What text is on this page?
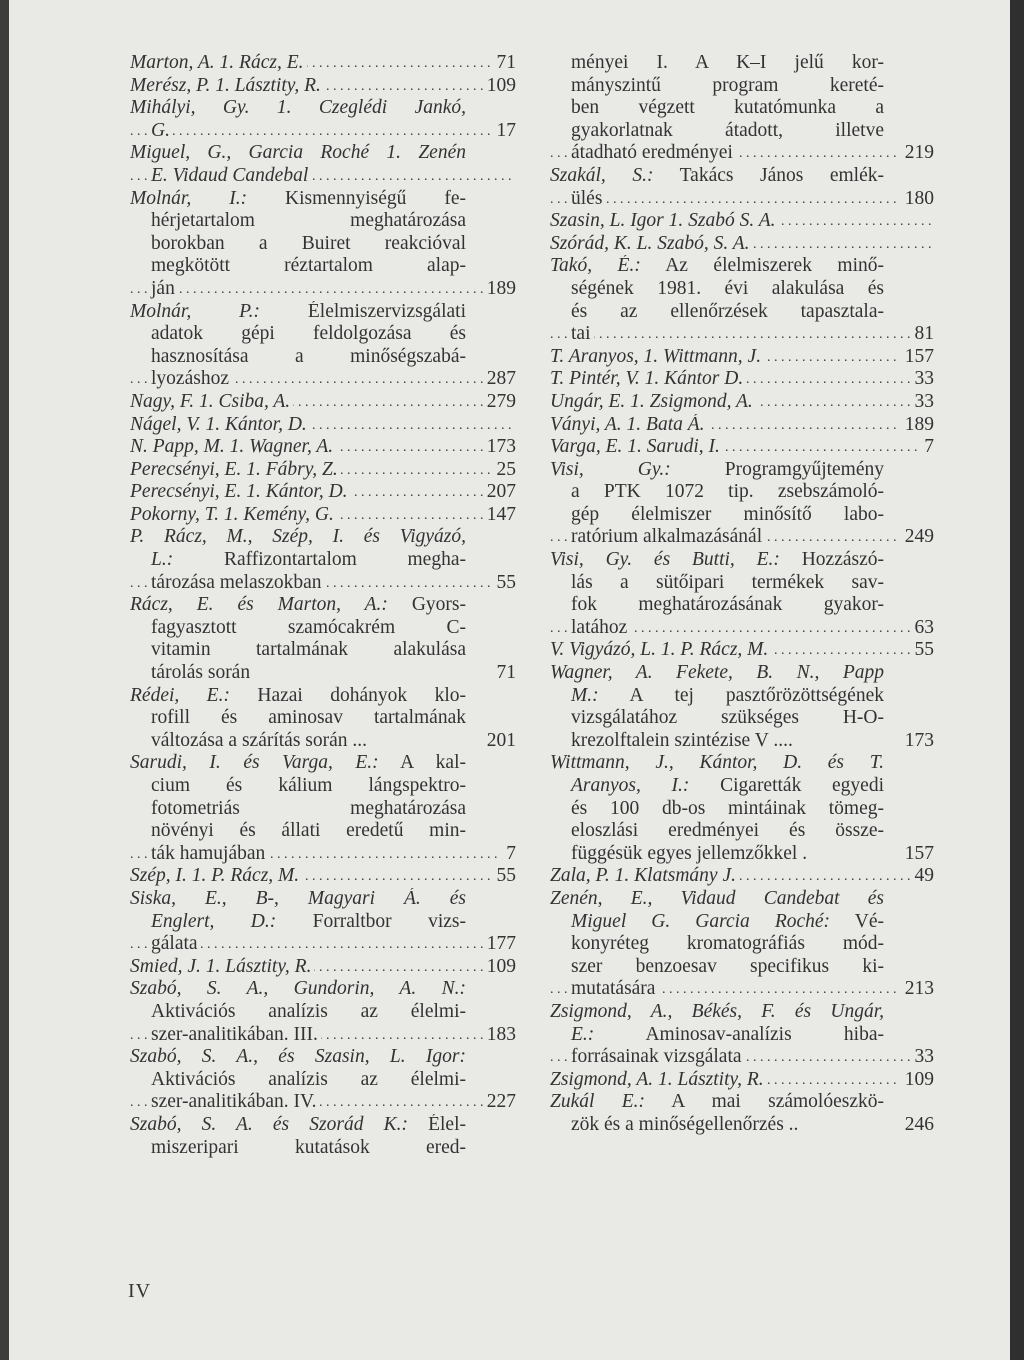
Marton, A. 1. Rácz, E.	71
. . .
Merész, P. 1. Lásztity, R.	109
. . .
Mihályi, Gy. 1. Czeglédi Jankó,
G.	17
. . .
Miguel, G., Garcia Roché 1. Zenén
E. Vidaud Candebal . . .
Molnár, I.: Kismennyiségű fe-
hérjetartalom meghatározása
borokban a Buiret reakcióval
megkötött réztartalom alap-
ján	189
. . .
Molnár, P.: Élelmiszervizsgálati
adatok gépi feldolgozása és
hasznosítása a minőségszabá-
lyozáshoz	287
. . .
Nagy, F. 1. Csiba, A.	279
. . .
Nágel, V. 1. Kántor, D. . . .
N. Papp, M. 1. Wagner, A.	173
. . .
Perecsényi, E. 1. Fábry, Z.	25
. . .
Perecsényi, E. 1. Kántor, D.	207
. . .
Pokorny, T. 1. Kemény, G.	147
. . .
P. Rácz, M., Szép, I. és Vigyázó,
L.: Raffizontartalom megha-
tározása melaszokban	55
. . .
Rácz, E. és Marton, A.: Gyors-
fagyasztott szamócakrém C-
vitamin tartalmának alakulása
tárolás során	71
Rédei, E.: Hazai dohányok klo-
rofill és aminosav tartalmának
változása a szárítás során ...	201
Sarudi, I. és Varga, E.: A kal-
cium és kálium lángspektro-
fotometriás meghatározása
növényi és állati eredetű min-
ták hamujában	7
. . .
Szép, I. 1. P. Rácz, M.	55
. . .
Siska, E., B-, Magyari Á. és
Englert, D.: Forraltbor vizs-
gálata	177
. . .
Smied, J. 1. Lásztity, R.	109
. . .
Szabó, S. A., Gundorin, A. N.:
Aktivációs analízis az élelmi-
szer-analitikában. III.	183
. . .
Szabó, S. A., és Szasin, L. Igor:
Aktivációs analízis az élelmi-
szer-analitikában. IV.	227
. . .
Szabó, S. A. és Szorád K.: Élel-
miszeripari kutatások ered-
ményei I. A K–I jelű kor-
mányszintű program kereté-
ben végzett kutatómunka a
gyakorlatnak átadott, illetve
átadható eredményei	219
. . .
Szakál, S.: Takács János emlék-
ülés	180
. . .
Szasin, L. Igor 1. Szabó S. A. . . .
Szórád, K. L. Szabó, S. A. . . .
Takó, É.: Az élelmiszerek minő-
ségének 1981. évi alakulása és
és az ellenőrzések tapasztala-
tai	81
. . .
T. Aranyos, 1. Wittmann, J.	157
. . .
T. Pintér, V. 1. Kántor D.	33
. . .
Ungár, E. 1. Zsigmond, A.	33
. . .
Ványi, A. 1. Bata Á.	189
. . .
Varga, E. 1. Sarudi, I.	7
. . .
Visi, Gy.: Programgyűjtemény
a PTK 1072 tip. zsebszámoló-
gép élelmiszer minősítő labo-
ratórium alkalmazásánál	249
. . .
Visi, Gy. és Butti, E.: Hozzászó-
lás a sütőipari termékek sav-
fok meghatározásának gyakor-
latához	63
. . .
V. Vigyázó, L. 1. P. Rácz, M.	55
. . .
Wagner, A. Fekete, B. N., Papp
M.: A tej pasztőrözöttségének
vizsgálatához szükséges H-O-
krezolftalein szintézise V ....	173
Wittmann, J., Kántor, D. és T.
Aranyos, I.: Cigaretták egyedi
és 100 db-os mintáinak tömeg-
eloszlási eredményei és össze-
függésük egyes jellemzőkkel .	157
Zala, P. 1. Klatsmány J.	49
. . .
Zenén, E., Vidaud Candebat és
Miguel G. Garcia Roché: Vé-
konyréteg kromatográfiás mód-
szer benzoesav specifikus ki-
mutatására	213
. . .
Zsigmond, A., Békés, F. és Ungár,
E.: Aminosav-analízis hiba-
forrásainak vizsgálata	33
. . .
Zsigmond, A. 1. Lásztity, R.	109
. . .
Zukál E.: A mai számolóeszkö-
zök és a minőségellenőrzés ..	246
IV
